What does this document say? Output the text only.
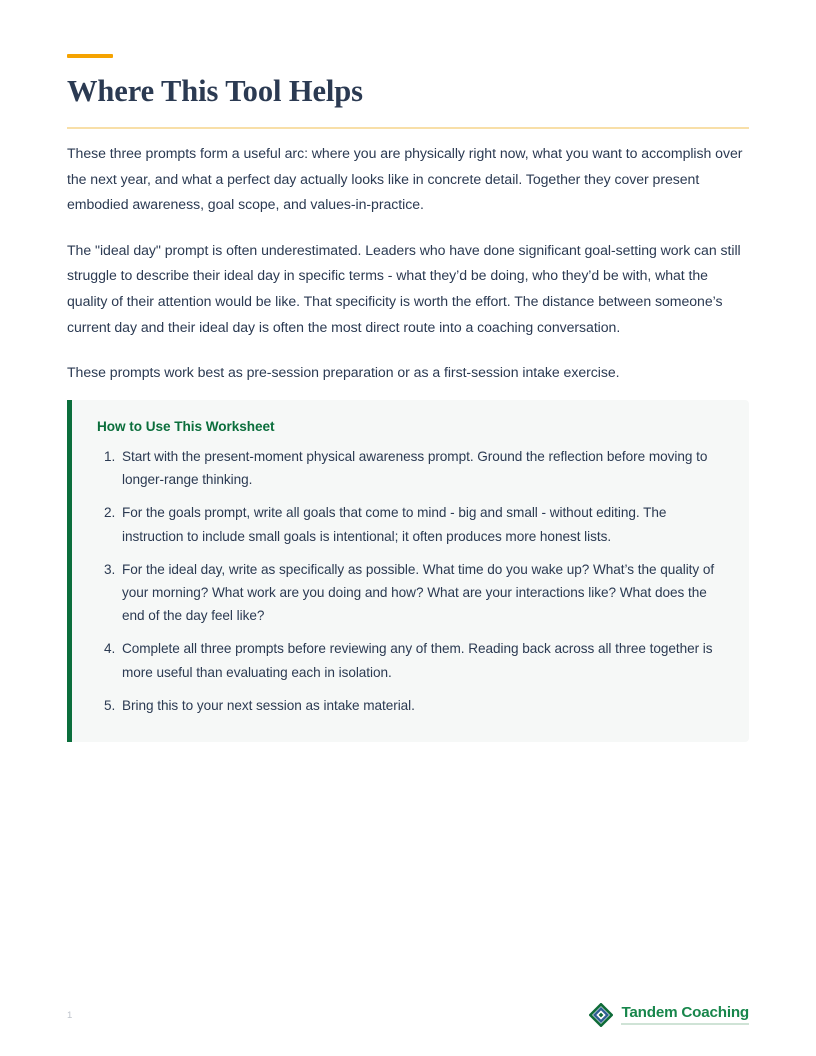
Where This Tool Helps

These three prompts form a useful arc: where you are physically right now, what you want to accomplish over the next year, and what a perfect day actually looks like in concrete detail. Together they cover present embodied awareness, goal scope, and values-in-practice.

The "ideal day" prompt is often underestimated. Leaders who have done significant goal-setting work can still struggle to describe their ideal day in specific terms - what they’d be doing, who they’d be with, what the quality of their attention would be like. That specificity is worth the effort. The distance between someone’s current day and their ideal day is often the most direct route into a coaching conversation.

These prompts work best as pre-session preparation or as a first-session intake exercise.

How to Use This Worksheet
1. Start with the present-moment physical awareness prompt. Ground the reflection before moving to longer-range thinking.
2. For the goals prompt, write all goals that come to mind - big and small - without editing. The instruction to include small goals is intentional; it often produces more honest lists.
3. For the ideal day, write as specifically as possible. What time do you wake up? What’s the quality of your morning? What work are you doing and how? What are your interactions like? What does the end of the day feel like?
4. Complete all three prompts before reviewing any of them. Reading back across all three together is more useful than evaluating each in isolation.
5. Bring this to your next session as intake material.
1	Tandem Coaching
